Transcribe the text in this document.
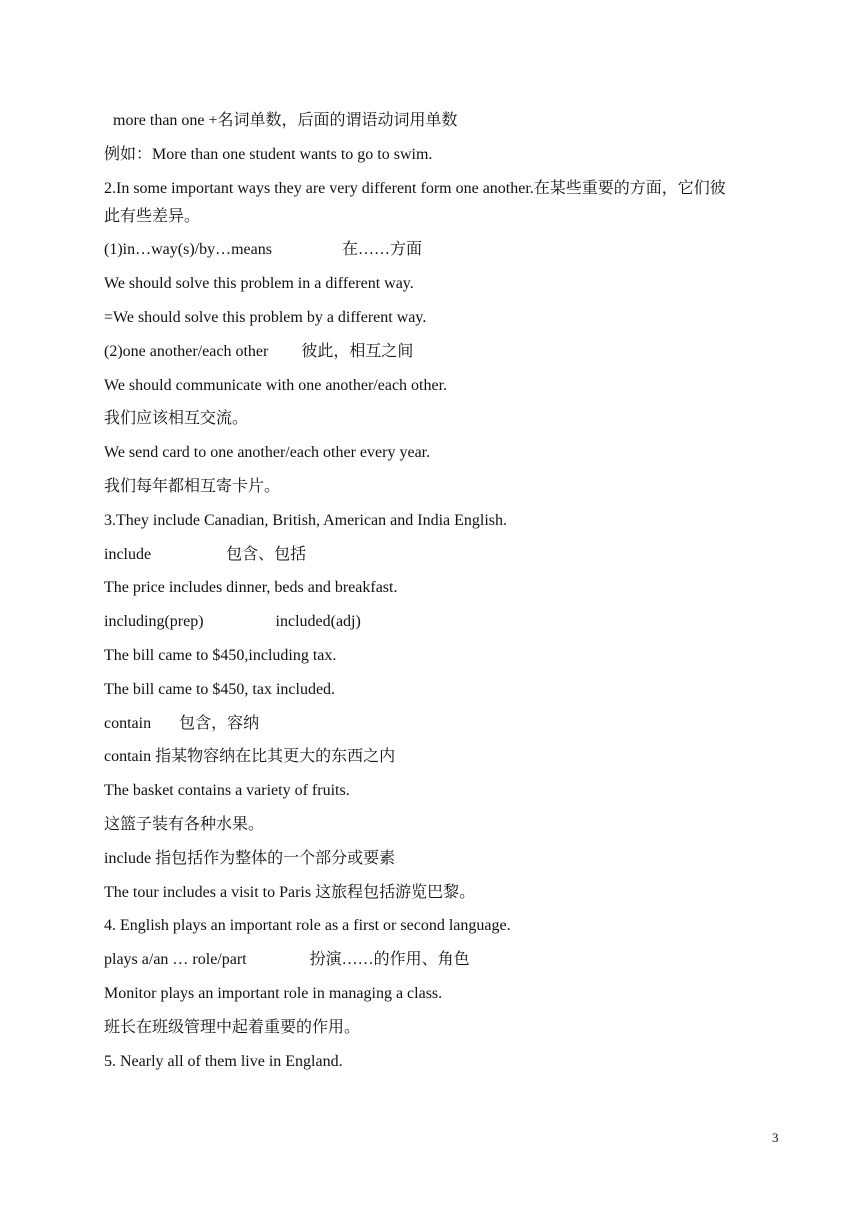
more than one +名词单数，后面的谓语动词用单数
例如：More than one student wants to go to swim.
2.In some important ways they are very different form one another.在某些重要的方面，它们彼
此有些差异。
(1)in…way(s)/by…means	在……方面
We should solve this problem in a different way.
=We should solve this problem by a different way.
(2)one another/each other 彼此，相互之间
We should communicate with one another/each other.
我们应该相互交流。
We send card to one another/each other every year.
我们每年都相互寄卡片。
3.They include Canadian, British, American and India English.
include	包含、包括
The price includes dinner, beds and breakfast.
including(prep)	included(adj)
The bill came to $450,including tax.
The bill came to $450, tax included.
contain 包含，容纳
contain 指某物容纳在比其更大的东西之内
The basket contains a variety of fruits.
这篮子装有各种水果。
include 指包括作为整体的一个部分或要素
The tour includes a visit to Paris 这旅程包括游览巴黎。
4. English plays an important role as a first or second language.
plays a/an … role/part	扮演……的作用、角色
Monitor plays an important role in managing a class.
班长在班级管理中起着重要的作用。
5. Nearly all of them live in England.
3
